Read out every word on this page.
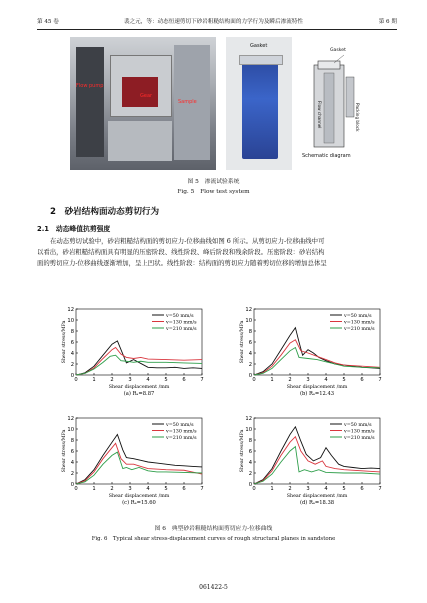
第 45 卷	裴之元，等：动态恒速剪切下砂岩粗糙结构面的力学行为及瞬后渗流特性	第 6 期
Gear
Flow pump
Sample
Gasket
Gasket
Flow channel	Packing block
Schematic diagram
图 5　渗流试验系统
Fig. 5　Flow test system
2　砂岩结构面动态剪切行为
2.1　动态峰值抗剪强度
在动态剪切试验中，砂岩粗糙结构面的剪切应力-位移曲线如图 6 所示。从剪切应力-位移曲线中可
以看出，砂岩粗糙结构面具有明显的压密阶段、线性阶段、峰后阶段和残余阶段。压密阶段：砂岩结构
面的剪切应力-位移曲线逐渐增加，呈上凹状。线性阶段：结构面的剪切应力随着剪切位移的增加总体呈
0	1	2	3	4	5	6	7
0
2
4
6
8
10
12
Shear displacement /mm
Shear stress/MPa
v=50 mm/s
v=130 mm/s
v=210 mm/s
(a) Rₐ=8.87
0	1	2	3	4	5	6	7
0
2
4
6
8
10
12
Shear displacement /mm
Shear stress/MPa
v=50 mm/s
v=130 mm/s
v=210 mm/s
(b) Rₐ=12.43
0	1	2	3	4	5	6	7
0
2
4
6
8
10
12
Shear displacement /mm
Shear stress/MPa
v=50 mm/s
v=130 mm/s
v=210 mm/s
(c) Rₐ=15.60
0	1	2	3	4	5	6	7
0
2
4
6
8
10
12
Shear displacement /mm
Shear stress/MPa
v=50 mm/s
v=130 mm/s
v=210 mm/s
(d) Rₐ=18.38
图 6　典型砂岩粗糙结构面剪切应力-位移曲线
Fig. 6　Typical shear stress-displacement curves of rough structural planes in sandstone
061422-5
